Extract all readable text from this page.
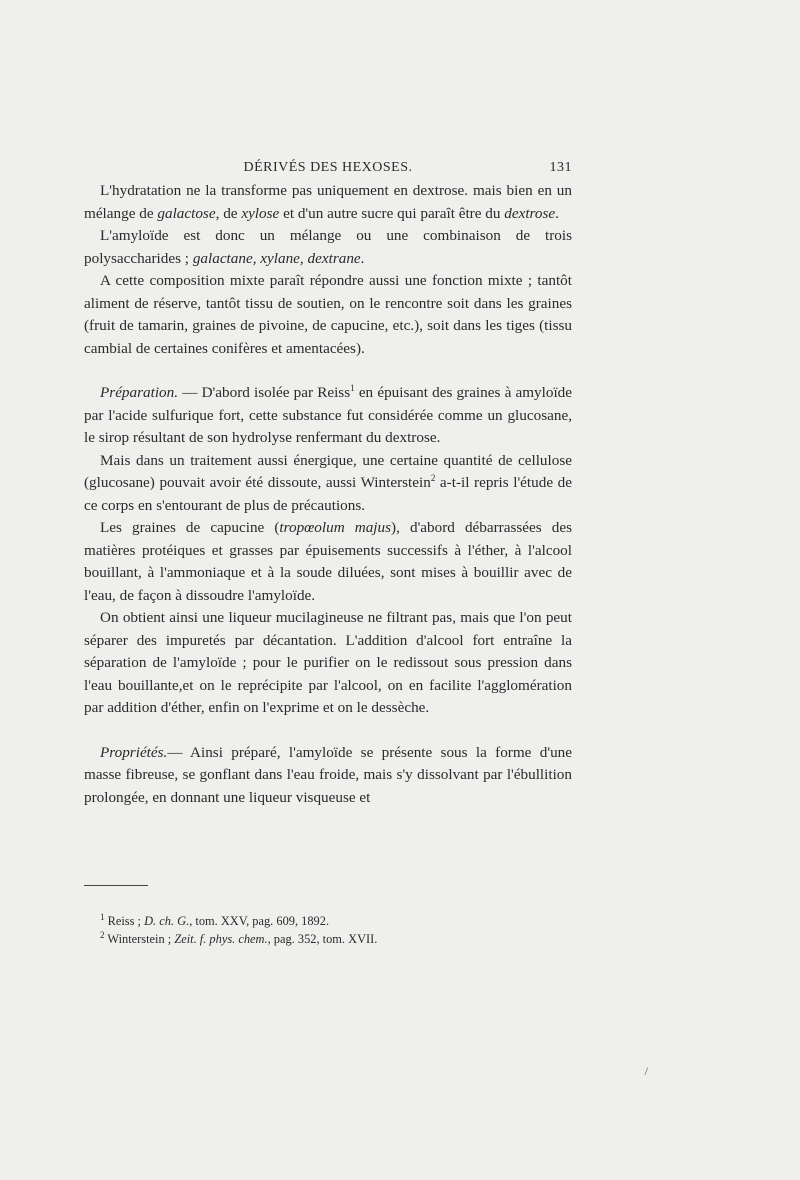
DÉRIVÉS DES HEXOSES.	131

L'hydratation ne la transforme pas uniquement en dextrose. mais bien en un mélange de galactose, de xylose et d'un autre sucre qui paraît être du dextrose.

L'amyloïde est donc un mélange ou une combinaison de trois polysaccharides ; galactane, xylane, dextrane.

A cette composition mixte paraît répondre aussi une fonction mixte ; tantôt aliment de réserve, tantôt tissu de soutien, on le rencontre soit dans les graines (fruit de tamarin, graines de pivoine, de capucine, etc.), soit dans les tiges (tissu cambial de certaines conifères et amentacées).

Préparation. — D'abord isolée par Reiss$^1$ en épuisant des graines à amyloïde par l'acide sulfurique fort, cette substance fut considérée comme un glucosane, le sirop résultant de son hydrolyse renfermant du dextrose.

Mais dans un traitement aussi énergique, une certaine quantité de cellulose (glucosane) pouvait avoir été dissoute, aussi Winterstein$^2$ a-t-il repris l'étude de ce corps en s'entourant de plus de précautions.

Les graines de capucine (tropœolum majus), d'abord débarrassées des matières protéiques et grasses par épuisements successifs à l'éther, à l'alcool bouillant, à l'ammoniaque et à la soude diluées, sont mises à bouillir avec de l'eau, de façon à dissoudre l'amyloïde.

On obtient ainsi une liqueur mucilagineuse ne filtrant pas, mais que l'on peut séparer des impuretés par décantation. L'addition d'alcool fort entraîne la séparation de l'amyloïde ; pour le purifier on le redissout sous pression dans l'eau bouillante,et on le reprécipite par l'alcool, on en facilite l'agglomération par addition d'éther, enfin on l'exprime et on le dessèche.

Propriétés.— Ainsi préparé, l'amyloïde se présente sous la forme d'une masse fibreuse, se gonflant dans l'eau froide, mais s'y dissolvant par l'ébullition prolongée, en donnant une liqueur visqueuse et

$^1$ Reiss ; D. ch. G., tom. XXV, pag. 609, 1892.

$^2$ Winterstein ; Zeit. f. phys. chem., pag. 352, tom. XVII.

/
